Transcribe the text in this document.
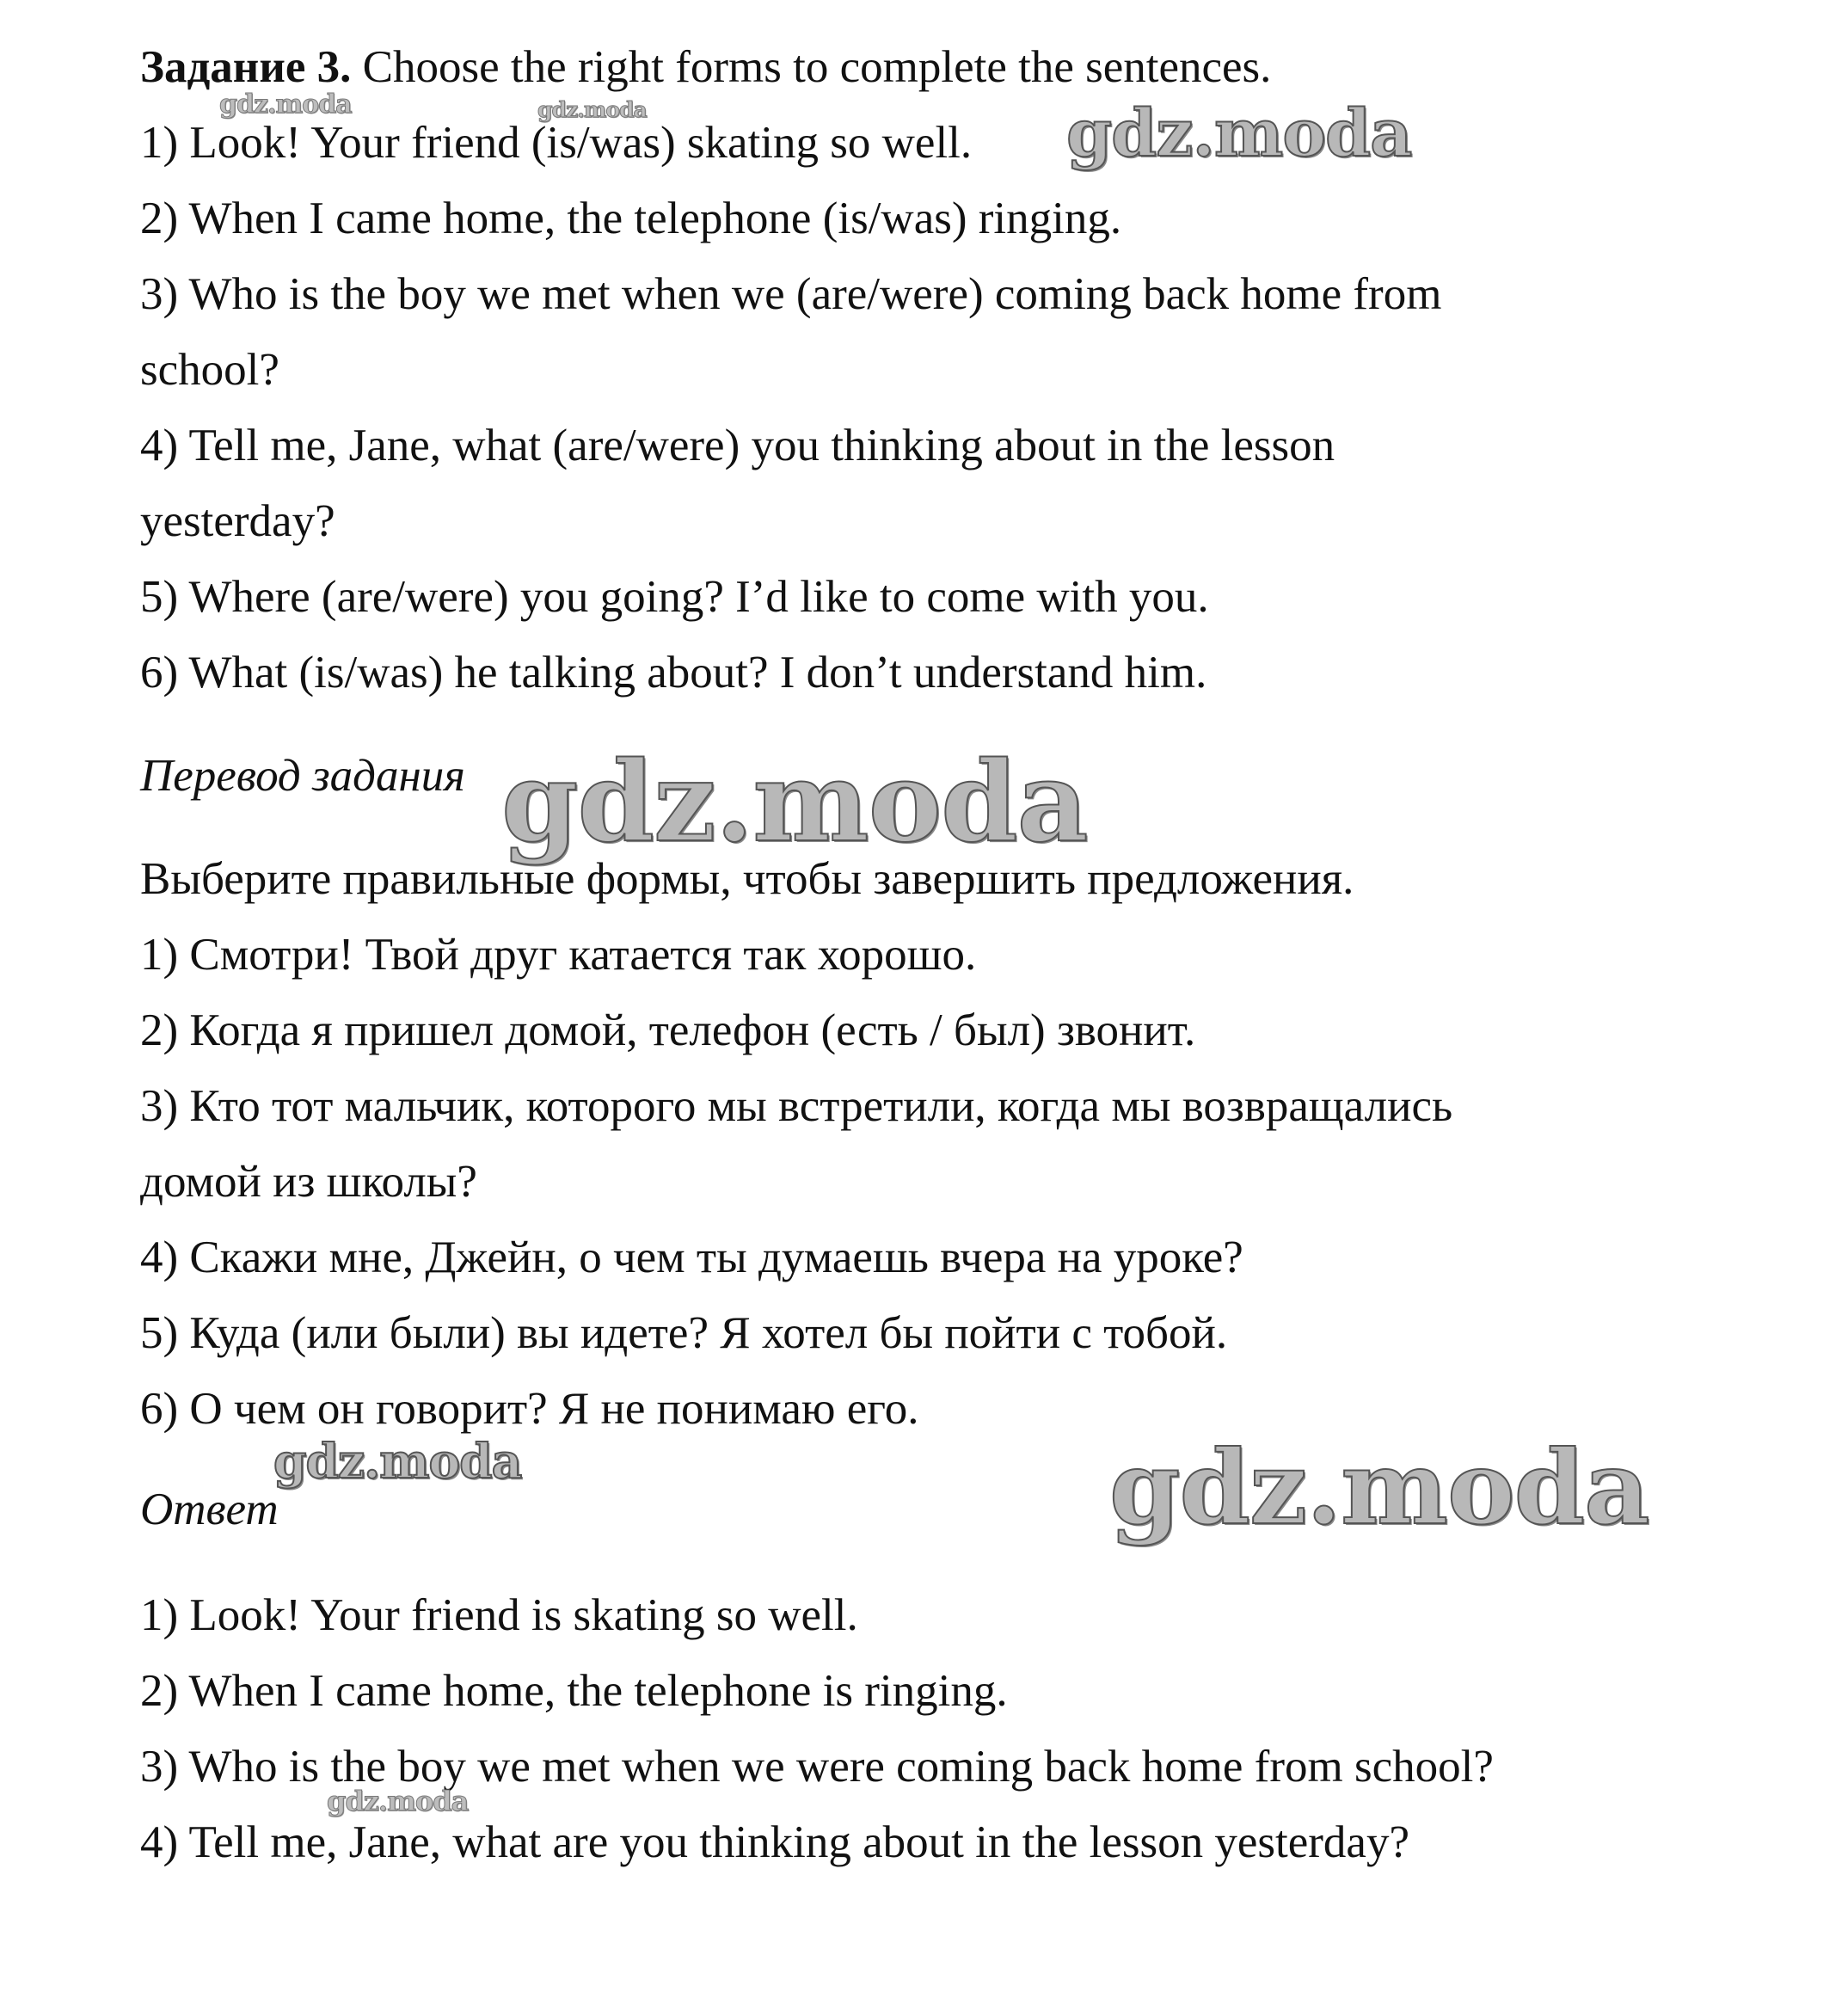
Задание 3. Choose the right forms to complete the sentences.
1) Look! Your friend (is/was) skating so well.
2) When I came home, the telephone (is/was) ringing.
3) Who is the boy we met when we (are/were) coming back home from
school?
4) Tell me, Jane, what (are/were) you thinking about in the lesson
yesterday?
5) Where (are/were) you going? I’d like to come with you.
6) What (is/was) he talking about? I don’t understand him.
Перевод задания
Выберите правильные формы, чтобы завершить предложения.
1) Смотри! Твой друг катается так хорошо.
2) Когда я пришел домой, телефон (есть / был) звонит.
3) Кто тот мальчик, которого мы встретили, когда мы возвращались
домой из школы?
4) Скажи мне, Джейн, о чем ты думаешь вчера на уроке?
5) Куда (или были) вы идете? Я хотел бы пойти с тобой.
6) О чем он говорит? Я не понимаю его.
Ответ
1) Look! Your friend is skating so well.
2) When I came home, the telephone is ringing.
3) Who is the boy we met when we were coming back home from school?
4) Tell me, Jane, what are you thinking about in the lesson yesterday?
gdz.moda	gdz.moda	gdz.moda
gdz.moda
gdz.moda	gdz.moda
gdz.moda
